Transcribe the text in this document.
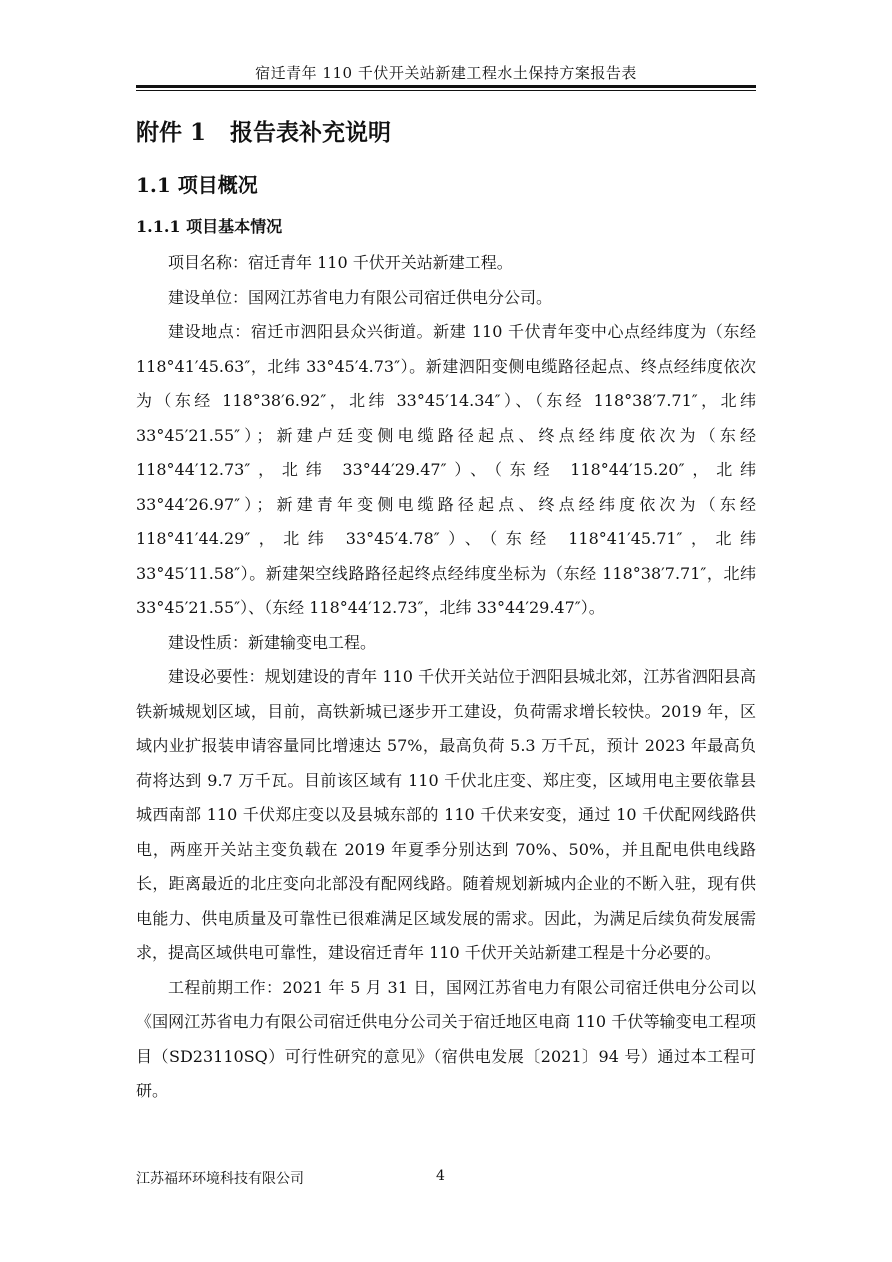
宿迁青年 110 千伏开关站新建工程水土保持方案报告表
附件 1 报告表补充说明
1.1 项目概况
1.1.1 项目基本情况

项目名称：宿迁青年 110 千伏开关站新建工程。

建设单位：国网江苏省电力有限公司宿迁供电分公司。

建设地点：宿迁市泗阳县众兴街道。新建 110 千伏青年变中心点经纬度为（东经 118°41′45.63″，北纬 33°45′4.73″）。新建泗阳变侧电缆路径起点、终点经纬度依次为（东经 118°38′6.92″，北纬 33°45′14.34″）、（东经 118°38′7.71″，北纬 33°45′21.55″）；新建卢廷变侧电缆路径起点、终点经纬度依次为（东经 118°44′12.73″，北纬 33°44′29.47″）、（东经 118°44′15.20″，北纬 33°44′26.97″）；新建青年变侧电缆路径起点、终点经纬度依次为（东经 118°41′44.29″，北纬 33°45′4.78″）、（东经 118°41′45.71″，北纬 33°45′11.58″）。新建架空线路路径起终点经纬度坐标为（东经 118°38′7.71″，北纬 33°45′21.55″）、（东经 118°44′12.73″，北纬 33°44′29.47″）。

建设性质：新建输变电工程。

建设必要性：规划建设的青年 110 千伏开关站位于泗阳县城北郊，江苏省泗阳县高铁新城规划区域，目前，高铁新城已逐步开工建设，负荷需求增长较快。2019 年，区域内业扩报装申请容量同比增速达 57%，最高负荷 5.3 万千瓦，预计 2023 年最高负荷将达到 9.7 万千瓦。目前该区域有 110 千伏北庄变、郑庄变，区域用电主要依靠县城西南部 110 千伏郑庄变以及县城东部的 110 千伏来安变，通过 10 千伏配网线路供电，两座开关站主变负载在 2019 年夏季分别达到 70%、50%，并且配电供电线路长，距离最近的北庄变向北部没有配网线路。随着规划新城内企业的不断入驻，现有供电能力、供电质量及可靠性已很难满足区域发展的需求。因此，为满足后续负荷发展需求，提高区域供电可靠性，建设宿迁青年 110 千伏开关站新建工程是十分必要的。

工程前期工作：2021 年 5 月 31 日，国网江苏省电力有限公司宿迁供电分公司以《国网江苏省电力有限公司宿迁供电分公司关于宿迁地区电商 110 千伏等输变电工程项目（SD23110SQ）可行性研究的意见》（宿供电发展〔2021〕94 号）通过本工程可研。

江苏福环环境科技有限公司	4
